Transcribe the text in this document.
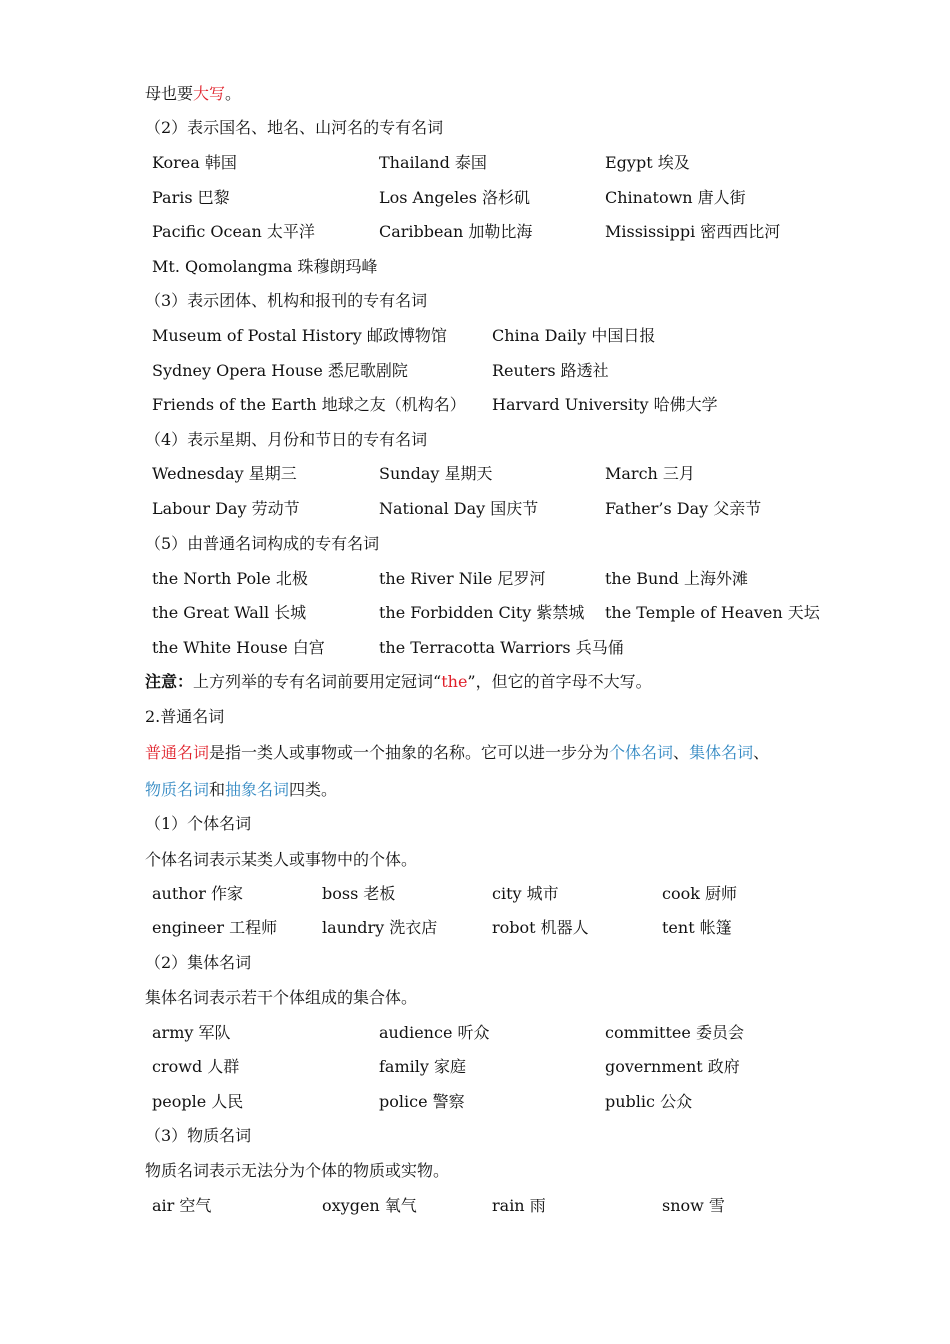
母也要大写。
（2）表示国名、地名、山河名的专有名词
Korea 韩国	Thailand 泰国	Egypt 埃及
Paris 巴黎	Los Angeles 洛杉矶	Chinatown 唐人街
Pacific Ocean 太平洋	Caribbean 加勒比海	Mississippi 密西西比河
Mt. Qomolangma 珠穆朗玛峰
（3）表示团体、机构和报刊的专有名词
Museum of Postal History 邮政博物馆	China Daily 中国日报
Sydney Opera House 悉尼歌剧院	Reuters 路透社
Friends of the Earth 地球之友（机构名） Harvard University 哈佛大学
（4）表示星期、月份和节日的专有名词
Wednesday 星期三	Sunday 星期天	March 三月
Labour Day 劳动节	National Day 国庆节	Father’s Day 父亲节
（5）由普通名词构成的专有名词
the North Pole 北极	the River Nile 尼罗河	the Bund 上海外滩
the Great Wall 长城	the Forbidden City 紫禁城 the Temple of Heaven 天坛
the White House 白宫	the Terracotta Warriors 兵马俑
注意：上方列举的专有名词前要用定冠词“the”，但它的首字母不大写。
2.普通名词
普通名词是指一类人或事物或一个抽象的名称。它可以进一步分为个体名词、集体名词、
物质名词和抽象名词四类。
（1）个体名词
个体名词表示某类人或事物中的个体。
author 作家	boss 老板	city 城市	cook 厨师
engineer 工程师	laundry 洗衣店	robot 机器人	tent 帐篷
（2）集体名词
集体名词表示若干个体组成的集合体。
army 军队	audience 听众	committee 委员会
crowd 人群	family 家庭	government 政府
people 人民	police 警察	public 公众
（3）物质名词
物质名词表示无法分为个体的物质或实物。
air 空气	oxygen 氧气	rain 雨	snow 雪
